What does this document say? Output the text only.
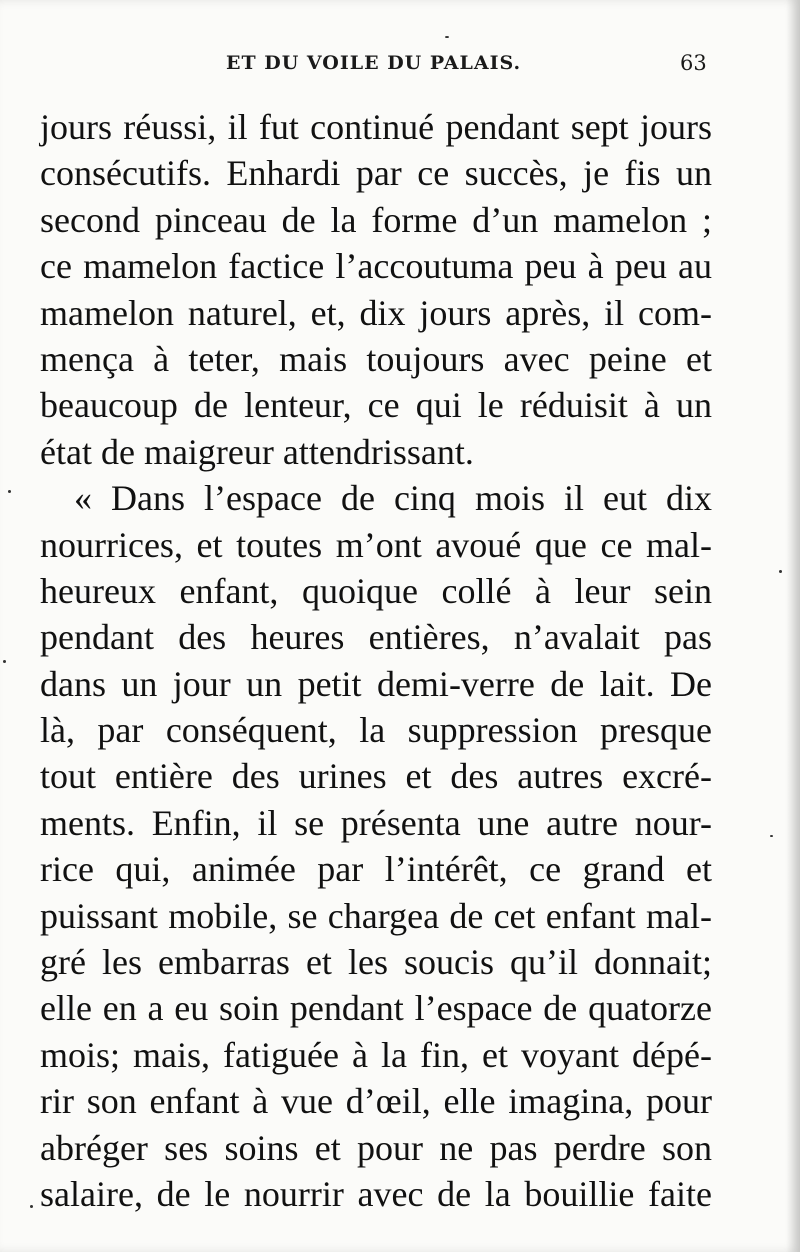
ET DU VOILE DU PALAIS.	63
jours réussi, il fut continué pendant sept jours
consécutifs. Enhardi par ce succès, je fis un
second pinceau de la forme d’un mamelon ;
ce mamelon factice l’accoutuma peu à peu au
mamelon naturel, et, dix jours après, il com-
mença à teter, mais toujours avec peine et
beaucoup de lenteur, ce qui le réduisit à un
état de maigreur attendrissant.
« Dans l’espace de cinq mois il eut dix
nourrices, et toutes m’ont avoué que ce mal-
heureux enfant, quoique collé à leur sein
pendant des heures entières, n’avalait pas
dans un jour un petit demi-verre de lait. De
là, par conséquent, la suppression presque
tout entière des urines et des autres excré-
ments. Enfin, il se présenta une autre nour-
rice qui, animée par l’intérêt, ce grand et
puissant mobile, se chargea de cet enfant mal-
gré les embarras et les soucis qu’il donnait;
elle en a eu soin pendant l’espace de quatorze
mois; mais, fatiguée à la fin, et voyant dépé-
rir son enfant à vue d’œil, elle imagina, pour
abréger ses soins et pour ne pas perdre son
salaire, de le nourrir avec de la bouillie faite
